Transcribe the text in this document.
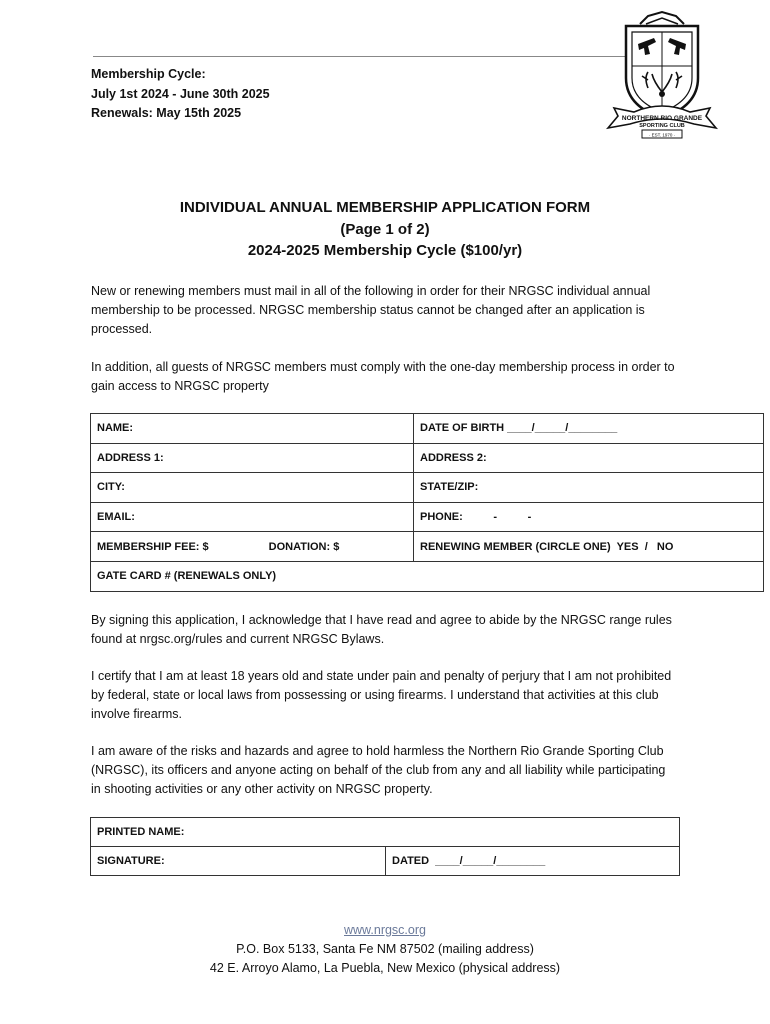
NORTHERN RIO GRANDE
SPORTING CLUB
· EST. 1970 ·
Membership Cycle:
July 1st 2024 - June 30th 2025
Renewals: May 15th 2025
INDIVIDUAL ANNUAL MEMBERSHIP APPLICATION FORM
(Page 1 of 2)
2024-2025 Membership Cycle ($100/yr)

New or renewing members must mail in all of the following in order for their NRGSC individual annual membership to be processed. NRGSC membership status cannot be changed after an application is processed.

In addition, all guests of NRGSC members must comply with the one-day membership process in order to gain access to NRGSC property

NAME:	DATE OF BIRTH ____/_____/________
ADDRESS 1:	ADDRESS 2:
CITY:	STATE/ZIP:
EMAIL:	PHONE:          -          -
MEMBERSHIP FEE: $ DONATION: $	RENEWING MEMBER (CIRCLE ONE)  YES  /   NO
GATE CARD # (RENEWALS ONLY)	

By signing this application, I acknowledge that I have read and agree to abide by the NRGSC range rules found at nrgsc.org/rules and current NRGSC Bylaws.

I certify that I am at least 18 years old and state under pain and penalty of perjury that I am not prohibited by federal, state or local laws from possessing or using firearms. I understand that activities at this club involve firearms.

I am aware of the risks and hazards and agree to hold harmless the Northern Rio Grande Sporting Club (NRGSC), its officers and anyone acting on behalf of the club from any and all liability while participating in shooting activities or any other activity on NRGSC property.

PRINTED NAME:
SIGNATURE:	DATED  ____/_____/________
www.nrgsc.org
P.O. Box 5133, Santa Fe NM 87502 (mailing address)
42 E. Arroyo Alamo, La Puebla, New Mexico (physical address)
